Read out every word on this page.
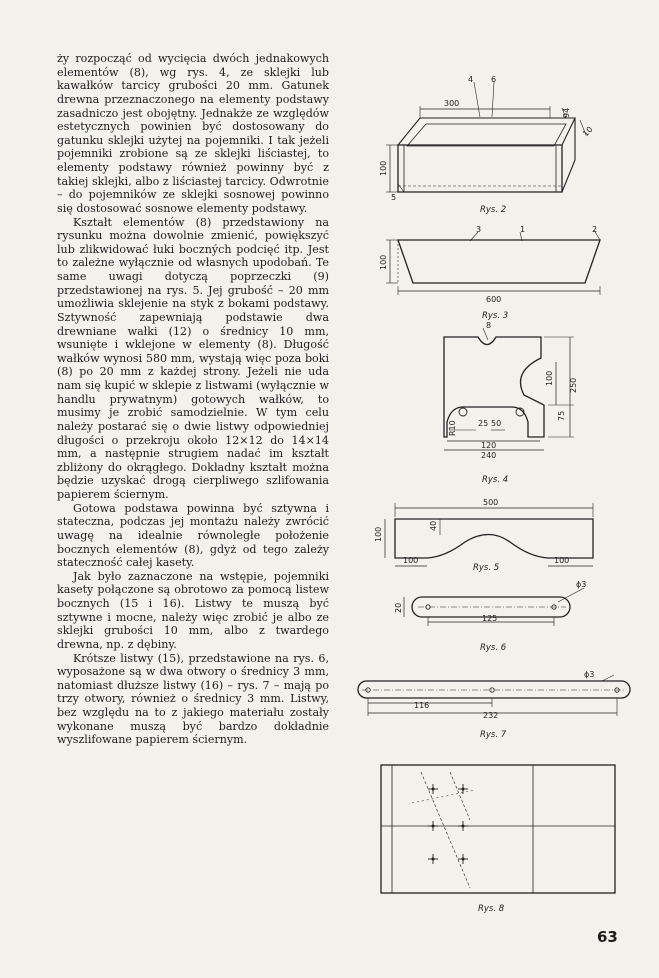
ży rozpocząć od wycięcia dwóch jednakowych elementów (8), wg rys. 4, ze sklejki lub kawałków tarcicy grubości 20 mm. Gatunek drewna przeznaczonego na elementy podstawy zasadniczo jest obojętny. Jednakże ze względów estetycznych powinien być dostosowany do gatunku sklejki użytej na pojemniki. I tak jeżeli pojemniki zrobione są ze sklejki liściastej, to elementy podstawy również powinny być z takiej sklejki, albo z liściastej tarcicy. Odwrotnie – do pojemników ze sklejki sosnowej powinno się dostosować sosnowe elementy podstawy.

Kształt elementów (8) przedstawiony na rysunku można dowolnie zmienić, powiększyć lub zlikwidować łuki boczných podcięć itp. Jest to zależne wyłącznie od własnych upodobań. Te same uwagi dotyczą poprzeczki (9) przedstawionej na rys. 5. Jej grubość – 20 mm umożliwia sklejenie na styk z bokami podstawy. Sztywność zapewniają podstawie dwa drewniane wałki (12) o średnicy 10 mm, wsunięte i wklejone w elementy (8). Długość wałków wynosi 580 mm, wystają więc poza boki (8) po 20 mm z każdej strony. Jeżeli nie uda nam się kupić w sklepie z listwami (wyłącznie w handlu prywatnym) gotowych wałków, to musimy je zrobić samodzielnie. W tym celu należy postarać się o dwie listwy odpowiedniej długości o przekroju około 12×12 do 14×14 mm, a następnie strugiem nadać im kształt zbliżony do okrągłego. Dokładny kształt można będzie uzyskać drogą cierpliwego szlifowania papierem ściernym.

Gotowa podstawa powinna być sztywna i stateczna, podczas jej montażu należy zwrócić uwagę na idealnie równoległe położenie bocznych elementów (8), gdyż od tego zależy stateczność całej kasety.

Jak było zaznaczone na wstępie, pojemniki kasety połączone są obrotowo za pomocą listew bocznych (15 i 16). Listwy te muszą być sztywne i mocne, należy więc zrobić je albo ze sklejki grubości 10 mm, albo z twardego drewna, np. z dębiny.

Krótsze listwy (15), przedstawione na rys. 6, wyposażone są w dwa otwory o średnicy 3 mm, natomiast dłuższe listwy (16) – rys. 7 – mają po trzy otwory, również o średnicy 3 mm. Listwy, bez względu na to z jakiego materiału zostały wykonane muszą być bardzo dokładnie wyszlifowane papierem ściernym.

4 6
300
94
10
100
5
Rys. 2
3	1	2
100
600
Rys. 3
8
100 250
75
25 50
120
240
R10
Rys. 4
500
40
100
100	100
Rys. 5
ϕ3
20
125
Rys. 6
ϕ3
116
232
Rys. 7
Rys. 8
63
